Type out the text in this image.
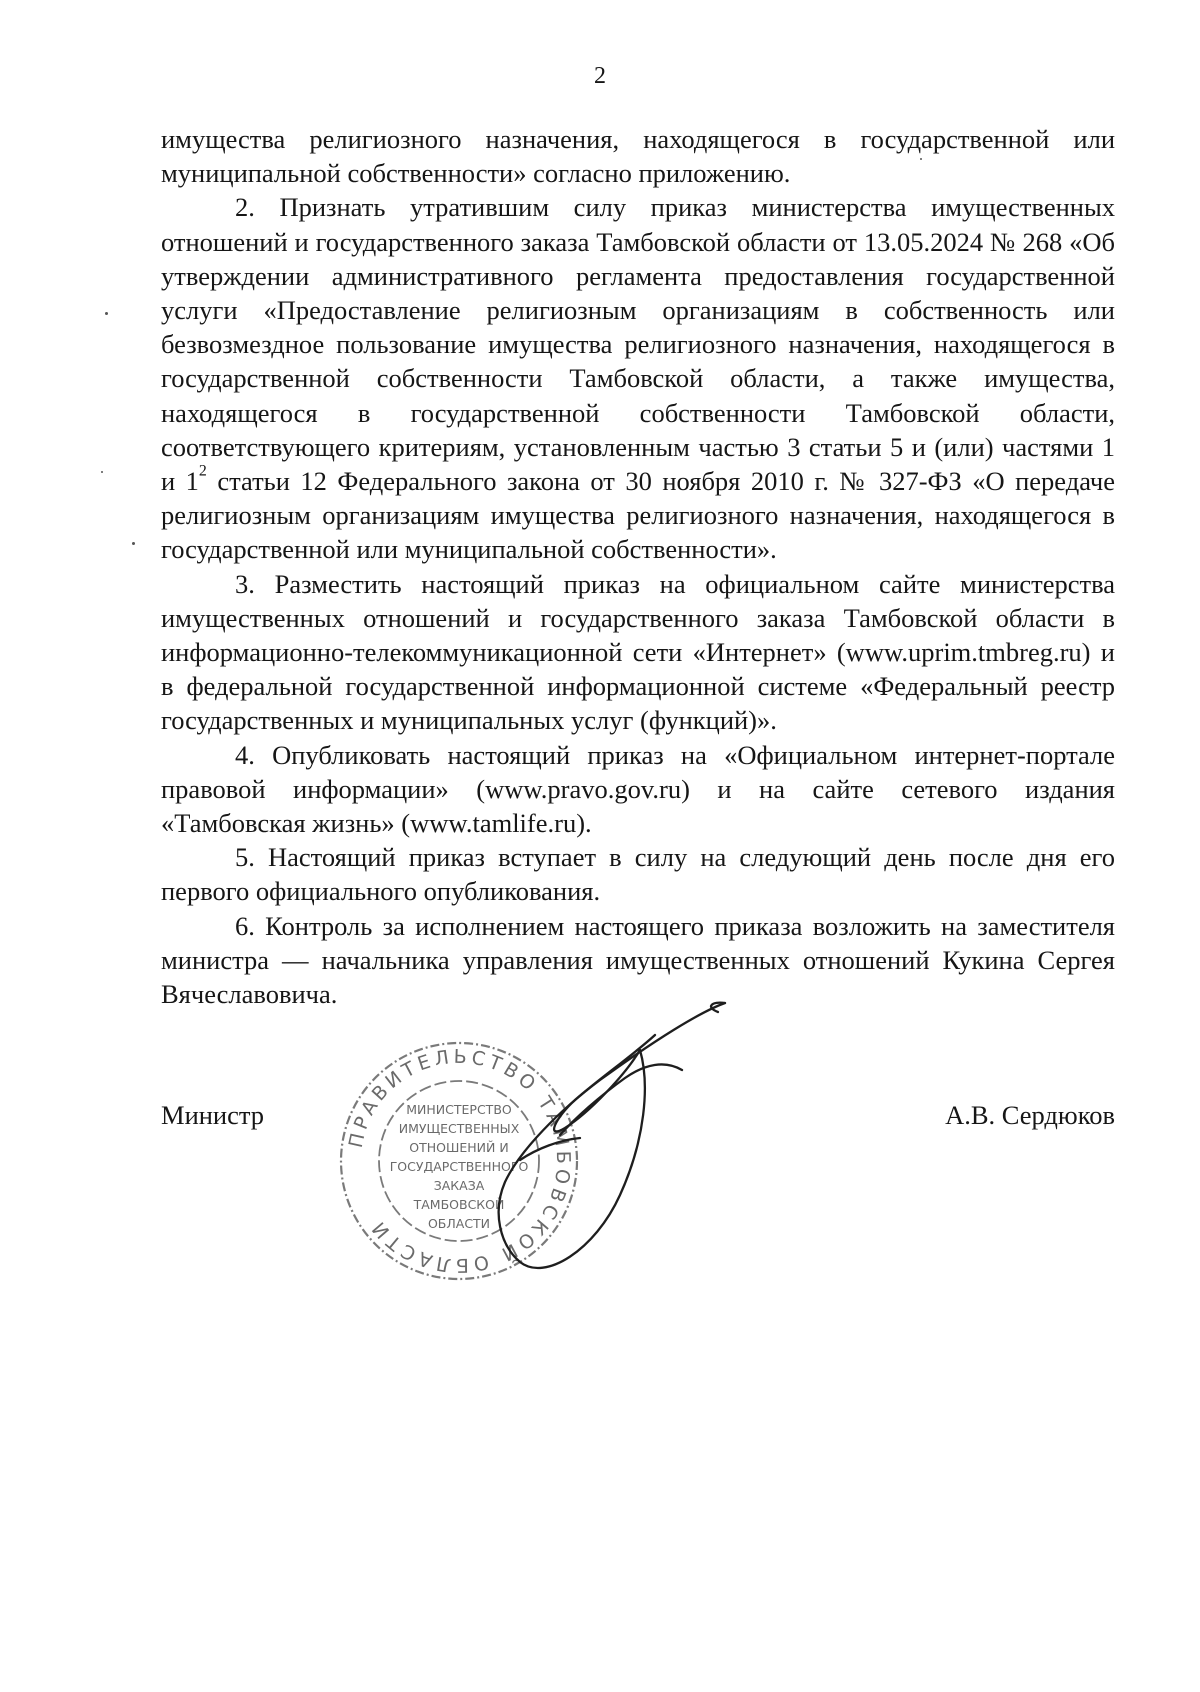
2

имущества религиозного назначения, находящегося в государственной или муниципальной собственности» согласно приложению.

2. Признать утратившим силу приказ министерства имущественных отношений и государственного заказа Тамбовской области от 13.05.2024 № 268 «Об утверждении административного регламента предоставления государственной услуги «Предоставление религиозным организациям в собственность или безвозмездное пользование имущества религиозного назначения, находящегося в государственной собственности Тамбовской области, а также имущества, находящегося в государственной собственности Тамбовской области, соответствующего критериям, установленным частью 3 статьи 5 и (или) частями 1 и $1^2$ статьи 12 Федерального закона от 30 ноября 2010 г. № 327-ФЗ «О передаче религиозным организациям имущества религиозного назначения, находящегося в государственной или муниципальной собственности».

3. Разместить настоящий приказ на официальном сайте министерства имущественных отношений и государственного заказа Тамбовской области в информационно-телекоммуникационной сети «Интернет» (www.uprim.tmbreg.ru) и в федеральной государственной информационной системе «Федеральный реестр государственных и муниципальных услуг (функций)».

4. Опубликовать настоящий приказ на «Официальном интернет-портале правовой информации» (www.pravo.gov.ru) и на сайте сетевого издания «Тамбовская жизнь» (www.tamlife.ru).

5. Настоящий приказ вступает в силу на следующий день после дня его первого официального опубликования.

6. Контроль за исполнением настоящего приказа возложить на заместителя министра — начальника управления имущественных отношений Кукина Сергея Вячеславовича.

Министр	А.В. Сердюков
ПРАВИТЕЛЬСТВО ТАМБОВСКОЙ ОБЛАСТИ
МИНИСТЕРСТВО
ИМУЩЕСТВЕННЫХ
ОТНОШЕНИЙ И
ГОСУДАРСТВЕННОГО
ЗАКАЗА
ТАМБОВСКОЙ
ОБЛАСТИ
